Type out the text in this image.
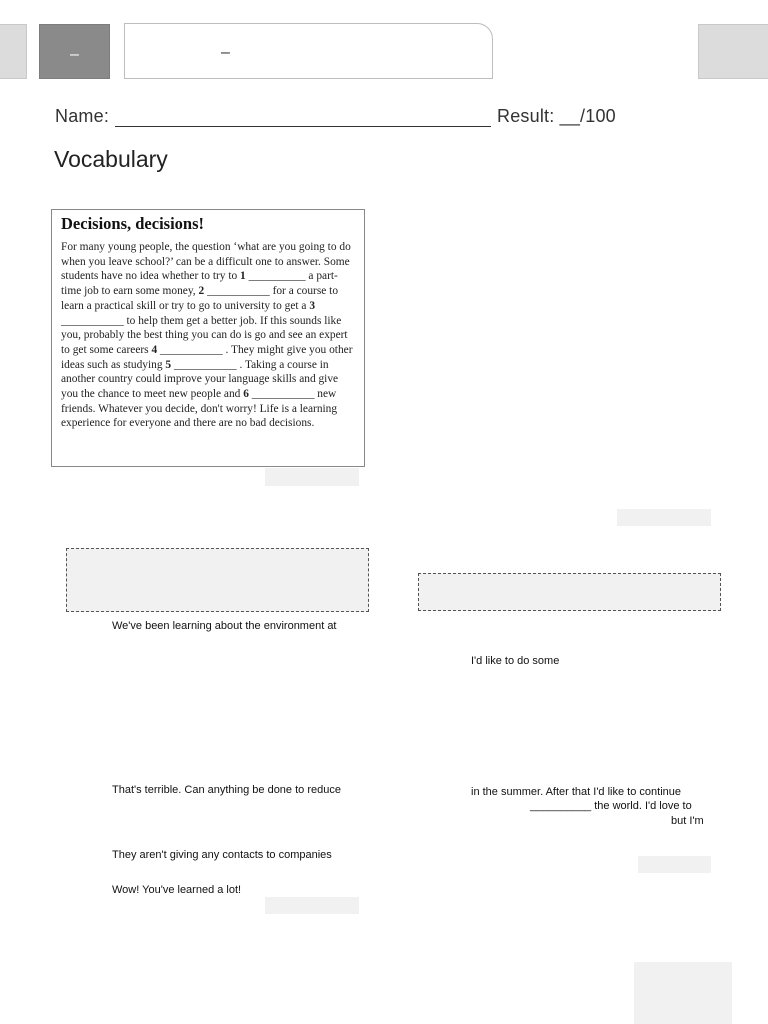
–	–
Name:	Result: __/100
Vocabulary
Decisions, decisions!

For many young people, the question ‘what are you going to do when you leave school?’ can be a difficult one to answer. Some students have no idea whether to try to 1 __________ a part-time job to earn some money, 2 ___________ for a course to learn a practical skill or try to go to university to get a 3 ___________ to help them get a better job. If this sounds like you, probably the best thing you can do is go and see an expert to get some careers 4 ___________ . They might give you other ideas such as studying 5 ___________ . Taking a course in another country could improve your language skills and give you the chance to meet new people and 6 ___________ new friends. Whatever you decide, don't worry! Life is a learning experience for everyone and there are no bad decisions.

We've been learning about the environment at
I'd like to do some
That's terrible. Can anything be done to reduce	in the summer. After that I'd like to continue
__________ the world. I'd love to
but I'm
They aren't giving any contacts to companies
Wow! You've learned a lot!
